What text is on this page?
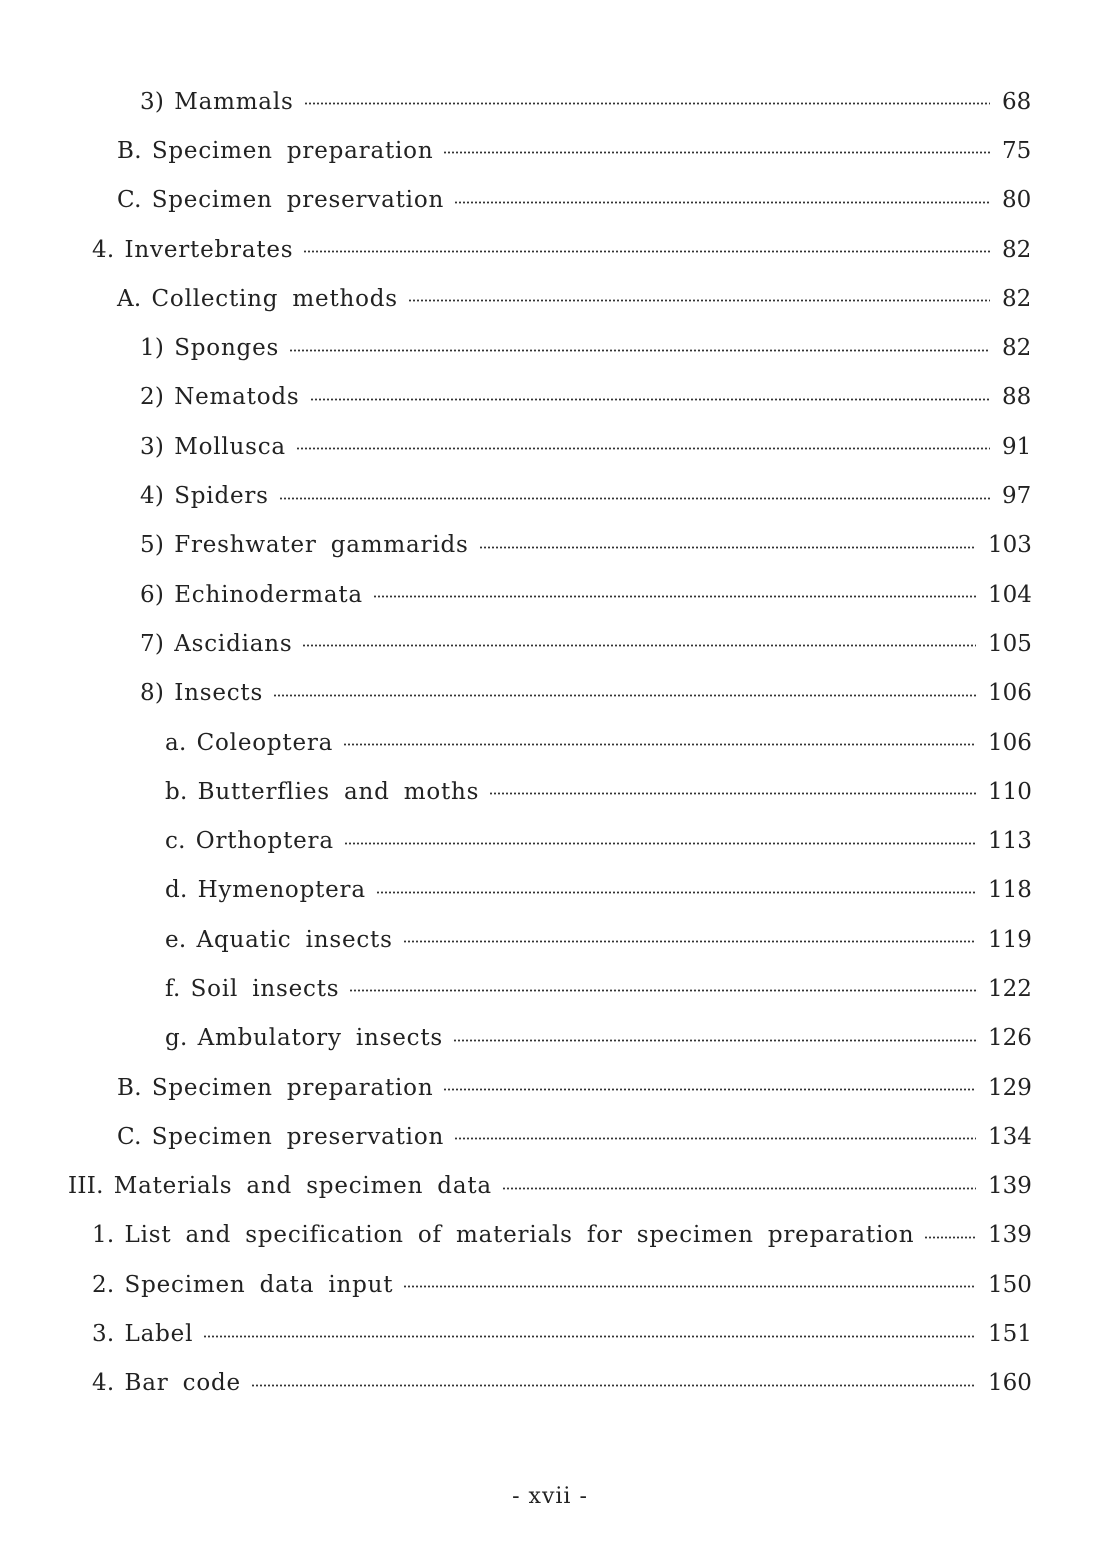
3) Mammals	68
B. Specimen preparation	75
C. Specimen preservation	80
4. Invertebrates	82
A. Collecting methods	82
1) Sponges	82
2) Nematods	88
3) Mollusca	91
4) Spiders	97
5) Freshwater gammarids	103
6) Echinodermata	104
7) Ascidians	105
8) Insects	106
a. Coleoptera	106
b. Butterflies and moths	110
c. Orthoptera	113
d. Hymenoptera	118
e. Aquatic insects	119
f. Soil insects	122
g. Ambulatory insects	126
B. Specimen preparation	129
C. Specimen preservation	134
III. Materials and specimen data	139
1. List and specification of materials for specimen preparation	139
2. Specimen data input	150
3. Label	151
4. Bar code	160
- xvii -
